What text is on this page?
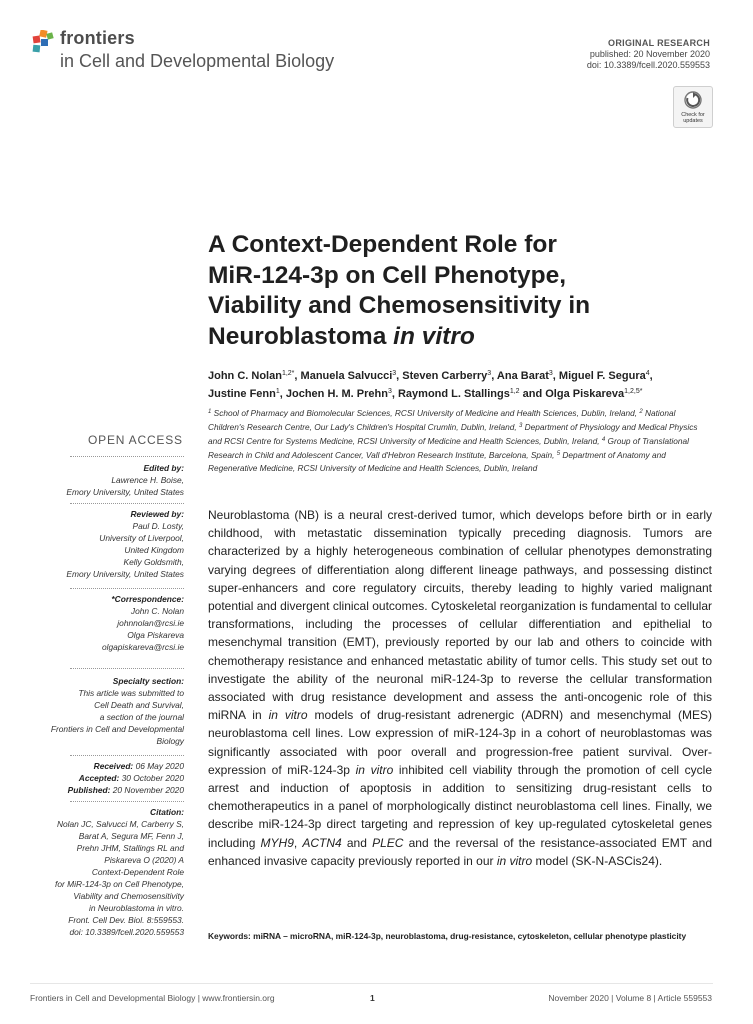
frontiers
in Cell and Developmental Biology
ORIGINAL RESEARCH
published: 20 November 2020
doi: 10.3389/fcell.2020.559553
Check for updates
A Context-Dependent Role for
MiR-124-3p on Cell Phenotype,
Viability and Chemosensitivity in
Neuroblastoma in vitro
John C. Nolan$^{1,2*}$, Manuela Salvucci$^3$, Steven Carberry$^3$, Ana Barat$^3$, Miguel F. Segura$^4$,
Justine Fenn$^1$, Jochen H. M. Prehn$^3$, Raymond L. Stallings$^{1,2}$ and Olga Piskareva$^{1,2,5*}$
$^1$ School of Pharmacy and Biomolecular Sciences, RCSI University of Medicine and Health Sciences, Dublin, Ireland, $^2$ National Children's Research Centre, Our Lady's Children's Hospital Crumlin, Dublin, Ireland, $^3$ Department of Physiology and Medical Physics and RCSI Centre for Systems Medicine, RCSI University of Medicine and Health Sciences, Dublin, Ireland, $^4$ Group of Translational Research in Child and Adolescent Cancer, Vall d'Hebron Research Institute, Barcelona, Spain, $^5$ Department of Anatomy and Regenerative Medicine, RCSI University of Medicine and Health Sciences, Dublin, Ireland
OPEN ACCESS
Edited by:
Lawrence H. Boise,
Emory University, United States
Reviewed by:
Paul D. Losty,
University of Liverpool,
United Kingdom
Kelly Goldsmith,
Emory University, United States
*Correspondence:
John C. Nolan
johnnolan@rcsi.ie
Olga Piskareva
olgapiskareva@rcsi.ie
Specialty section:
This article was submitted to
Cell Death and Survival,
a section of the journal
Frontiers in Cell and Developmental
Biology
Received: 06 May 2020
Accepted: 30 October 2020
Published: 20 November 2020
Citation:
Nolan JC, Salvucci M, Carberry S,
Barat A, Segura MF, Fenn J,
Prehn JHM, Stallings RL and
Piskareva O (2020) A
Context-Dependent Role
for MiR-124-3p on Cell Phenotype,
Viability and Chemosensitivity
in Neuroblastoma in vitro.
Front. Cell Dev. Biol. 8:559553.
doi: 10.3389/fcell.2020.559553
Neuroblastoma (NB) is a neural crest-derived tumor, which develops before birth or in early childhood, with metastatic dissemination typically preceding diagnosis. Tumors are characterized by a highly heterogeneous combination of cellular phenotypes demonstrating varying degrees of differentiation along different lineage pathways, and possessing distinct super-enhancers and core regulatory circuits, thereby leading to highly varied malignant potential and divergent clinical outcomes. Cytoskeletal reorganization is fundamental to cellular transformations, including the processes of cellular differentiation and epithelial to mesenchymal transition (EMT), previously reported by our lab and others to coincide with chemotherapy resistance and enhanced metastatic ability of tumor cells. This study set out to investigate the ability of the neuronal miR-124-3p to reverse the cellular transformation associated with drug resistance development and assess the anti-oncogenic role of this miRNA in in vitro models of drug-resistant adrenergic (ADRN) and mesenchymal (MES) neuroblastoma cell lines. Low expression of miR-124-3p in a cohort of neuroblastomas was significantly associated with poor overall and progression-free patient survival. Over-expression of miR-124-3p in vitro inhibited cell viability through the promotion of cell cycle arrest and induction of apoptosis in addition to sensitizing drug-resistant cells to chemotherapeutics in a panel of morphologically distinct neuroblastoma cell lines. Finally, we describe miR-124-3p direct targeting and repression of key up-regulated cytoskeletal genes including MYH9, ACTN4 and PLEC and the reversal of the resistance-associated EMT and enhanced invasive capacity previously reported in our in vitro model (SK-N-ASCis24).
Keywords: miRNA – microRNA, miR-124-3p, neuroblastoma, drug-resistance, cytoskeleton, cellular phenotype plasticity
Frontiers in Cell and Developmental Biology | www.frontiersin.org	1	November 2020 | Volume 8 | Article 559553
